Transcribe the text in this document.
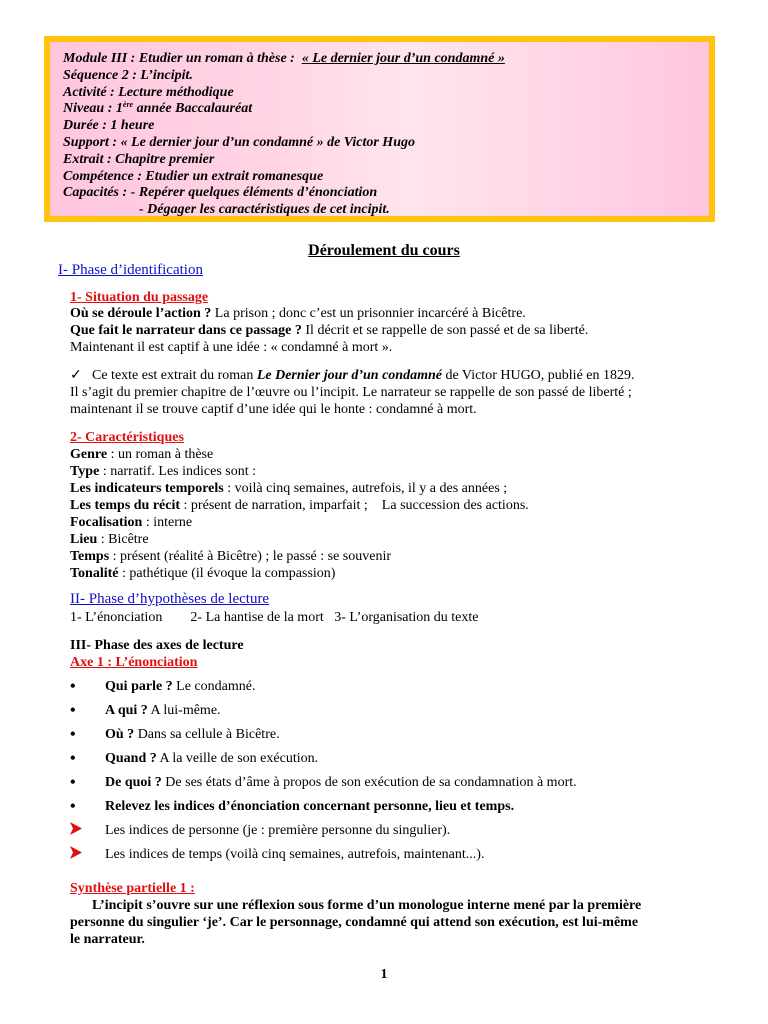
Module III : Etudier un roman à thèse : « Le dernier jour d’un condamné »
Séquence 2 : L’incipit.
Activité : Lecture méthodique
Niveau : 1ère année Baccalauréat
Durée : 1 heure
Support : « Le dernier jour d’un condamné » de Victor Hugo
Extrait : Chapitre premier
Compétence : Etudier un extrait romanesque
Capacités : - Repérer quelques éléments d’énonciation
- Dégager les caractéristiques de cet incipit.
Déroulement du cours
I- Phase d’identification
1- Situation du passage

Où se déroule l’action ? La prison ; donc c’est un prisonnier incarcéré à Bicêtre.

Que fait le narrateur dans ce passage ? Il décrit et se rappelle de son passé et de sa liberté.

Maintenant il est captif à une idée : « condamné à mort ».

✓ Ce texte est extrait du roman Le Dernier jour d’un condamné de Victor HUGO, publié en 1829.

Il s’agit du premier chapitre de l’œuvre ou l’incipit. Le narrateur se rappelle de son passé de liberté ;

maintenant il se trouve captif d’une idée qui le honte : condamné à mort.

2- Caractéristiques

Genre : un roman à thèse

Type : narratif. Les indices sont :

Les indicateurs temporels : voilà cinq semaines, autrefois, il y a des années ;

Les temps du récit : présent de narration, imparfait ;    La succession des actions.

Focalisation : interne

Lieu : Bicêtre

Temps : présent (réalité à Bicêtre) ; le passé : se souvenir

Tonalité : pathétique (il évoque la compassion)

II- Phase d’hypothèses de lecture
1- L’énonciation 2- La hantise de la mort 3- L’organisation du texte
III- Phase des axes de lecture
Axe 1 : L’énonciation
•	Qui parle ? Le condamné.
•	A qui ? A lui-même.
•	Où ? Dans sa cellule à Bicêtre.
•	Quand ? A la veille de son exécution.
•	De quoi ? De ses états d’âme à propos de son exécution de sa condamnation à mort.
•	Relevez les indices d’énonciation concernant personne, lieu et temps.
Les indices de personne (je : première personne du singulier).
Les indices de temps (voilà cinq semaines, autrefois, maintenant...).
Synthèse partielle 1 :

L’incipit s’ouvre sur une réflexion sous forme d’un monologue interne mené par la première

personne du singulier ‘je’. Car le personnage, condamné qui attend son exécution, est lui-même

le narrateur.

1
